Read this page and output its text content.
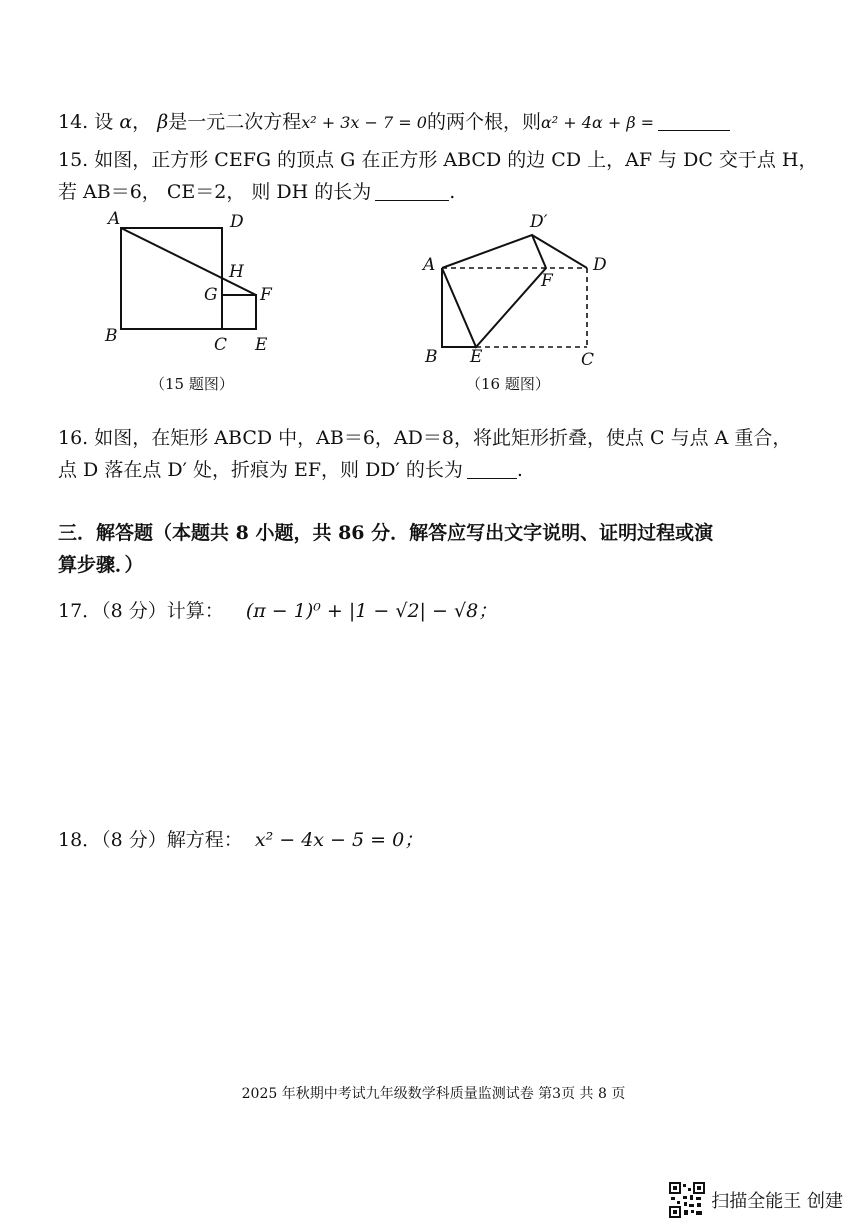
14. 设 α， β是一元二次方程x² + 3x − 7 = 0的两个根，则α² + 4α + β =
15. 如图，正方形 CEFG 的顶点 G 在正方形 ABCD 的边 CD 上，AF 与 DC 交于点 H，
若 AB＝6， CE＝2， 则 DH 的长为	.
A	D
B	C E
H
G F
（15 题图）
A
D′
D
F
B E	C
（16 题图）
16. 如图，在矩形 ABCD 中，AB＝6，AD＝8，将此矩形折叠，使点 C 与点 A 重合，
点 D 落在点 D′ 处，折痕为 EF，则 DD′ 的长为	.
三．解答题（本题共 8 小题，共 86 分．解答应写出文字说明、证明过程或演
算步骤．）
17．（8 分）计算： (π − 1)⁰ + |1 − √2| − √8；
18．（8 分）解方程： x² − 4x − 5 = 0；
2025 年秋期中考试九年级数学科质量监测试卷 第3页 共 8 页
扫描全能王 创建
